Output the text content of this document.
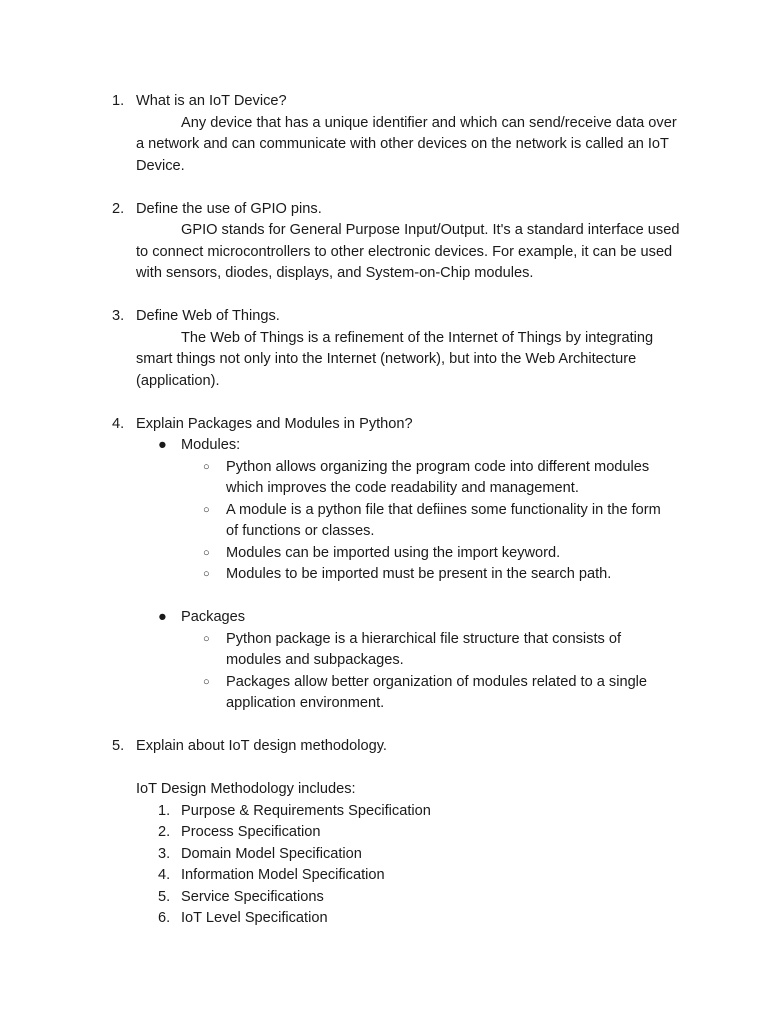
1. What is an IoT Device?
Any device that has a unique identifier and which can send/receive data over a network and can communicate with other devices on the network is called an IoT Device.
2. Define the use of GPIO pins.
GPIO stands for General Purpose Input/Output. It's a standard interface used to connect microcontrollers to other electronic devices. For example, it can be used with sensors, diodes, displays, and System-on-Chip modules.
3. Define Web of Things.
The Web of Things is a refinement of the Internet of Things by integrating smart things not only into the Internet (network), but into the Web Architecture (application).
4. Explain Packages and Modules in Python?
● Modules:
○ Python allows organizing the program code into different modules which improves the code readability and management.
○ A module is a python file that defiines some functionality in the form of functions or classes.
○ Modules can be imported using the import keyword.
○ Modules to be imported must be present in the search path.
● Packages
○ Python package is a hierarchical file structure that consists of modules and subpackages.
○ Packages allow better organization of modules related to a single application environment.
5. Explain about IoT design methodology.
IoT Design Methodology includes:
1. Purpose & Requirements Specification
2. Process Specification
3. Domain Model Specification
4. Information Model Specification
5. Service Specifications
6. IoT Level Specification
